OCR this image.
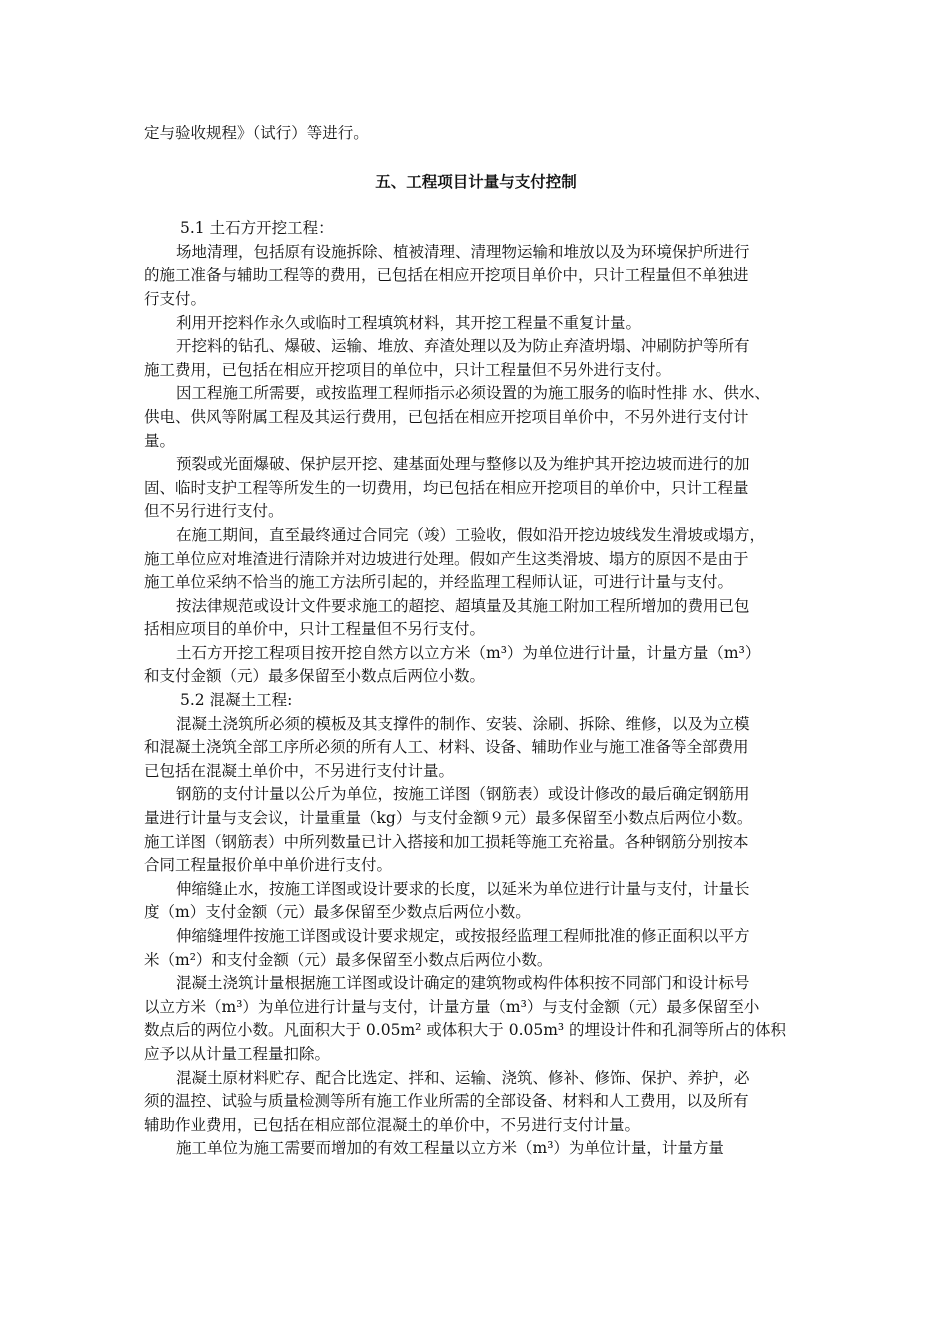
定与验收规程》（试行）等进行。
五、工程项目计量与支付控制
5.1 土石方开挖工程：
场地清理，包括原有设施拆除、植被清理、清理物运输和堆放以及为环境保护所进行
的施工准备与辅助工程等的费用，已包括在相应开挖项目单价中，只计工程量但不单独进
行支付。
利用开挖料作永久或临时工程填筑材料，其开挖工程量不重复计量。
开挖料的钻孔、爆破、运输、堆放、弃渣处理以及为防止弃渣坍塌、冲刷防护等所有
施工费用，已包括在相应开挖项目的单位中，只计工程量但不另外进行支付。
因工程施工所需要，或按监理工程师指示必须设置的为施工服务的临时性排 水、供水、
供电、供风等附属工程及其运行费用，已包括在相应开挖项目单价中，不另外进行支付计
量。
预裂或光面爆破、保护层开挖、建基面处理与整修以及为维护其开挖边坡而进行的加
固、临时支护工程等所发生的一切费用，均已包括在相应开挖项目的单价中，只计工程量
但不另行进行支付。
在施工期间，直至最终通过合同完（竣）工验收，假如沿开挖边坡线发生滑坡或塌方，
施工单位应对堆渣进行清除并对边坡进行处理。假如产生这类滑坡、塌方的原因不是由于
施工单位采纳不恰当的施工方法所引起的，并经监理工程师认证，可进行计量与支付。
按法律规范或设计文件要求施工的超挖、超填量及其施工附加工程所增加的费用已包
括相应项目的单价中，只计工程量但不另行支付。
土石方开挖工程项目按开挖自然方以立方米（m³）为单位进行计量，计量方量（m³）
和支付金额（元）最多保留至小数点后两位小数。
5.2 混凝土工程:
混凝土浇筑所必须的模板及其支撑件的制作、安装、涂刷、拆除、维修，以及为立模
和混凝土浇筑全部工序所必须的所有人工、材料、设备、辅助作业与施工准备等全部费用
已包括在混凝土单价中，不另进行支付计量。
钢筋的支付计量以公斤为单位，按施工详图（钢筋表）或设计修改的最后确定钢筋用
量进行计量与支会议，计量重量（kg）与支付金额９元）最多保留至小数点后两位小数。
施工详图（钢筋表）中所列数量已计入搭接和加工损耗等施工充裕量。各种钢筋分别按本
合同工程量报价单中单价进行支付。
伸缩缝止水，按施工详图或设计要求的长度，以延米为单位进行计量与支付，计量长
度（m）支付金额（元）最多保留至少数点后两位小数。
伸缩缝埋件按施工详图或设计要求规定，或按报经监理工程师批准的修正面积以平方
米（m²）和支付金额（元）最多保留至小数点后两位小数。
混凝土浇筑计量根据施工详图或设计确定的建筑物或构件体积按不同部门和设计标号
以立方米（m³）为单位进行计量与支付，计量方量（m³）与支付金额（元）最多保留至小
数点后的两位小数。凡面积大于 0.05m² 或体积大于 0.05m³ 的埋设计件和孔洞等所占的体积
应予以从计量工程量扣除。
混凝土原材料贮存、配合比选定、拌和、运输、浇筑、修补、修饰、保护、养护，必
须的温控、试验与质量检测等所有施工作业所需的全部设备、材料和人工费用，以及所有
辅助作业费用，已包括在相应部位混凝土的单价中，不另进行支付计量。
施工单位为施工需要而增加的有效工程量以立方米（m³）为单位计量，计量方量
